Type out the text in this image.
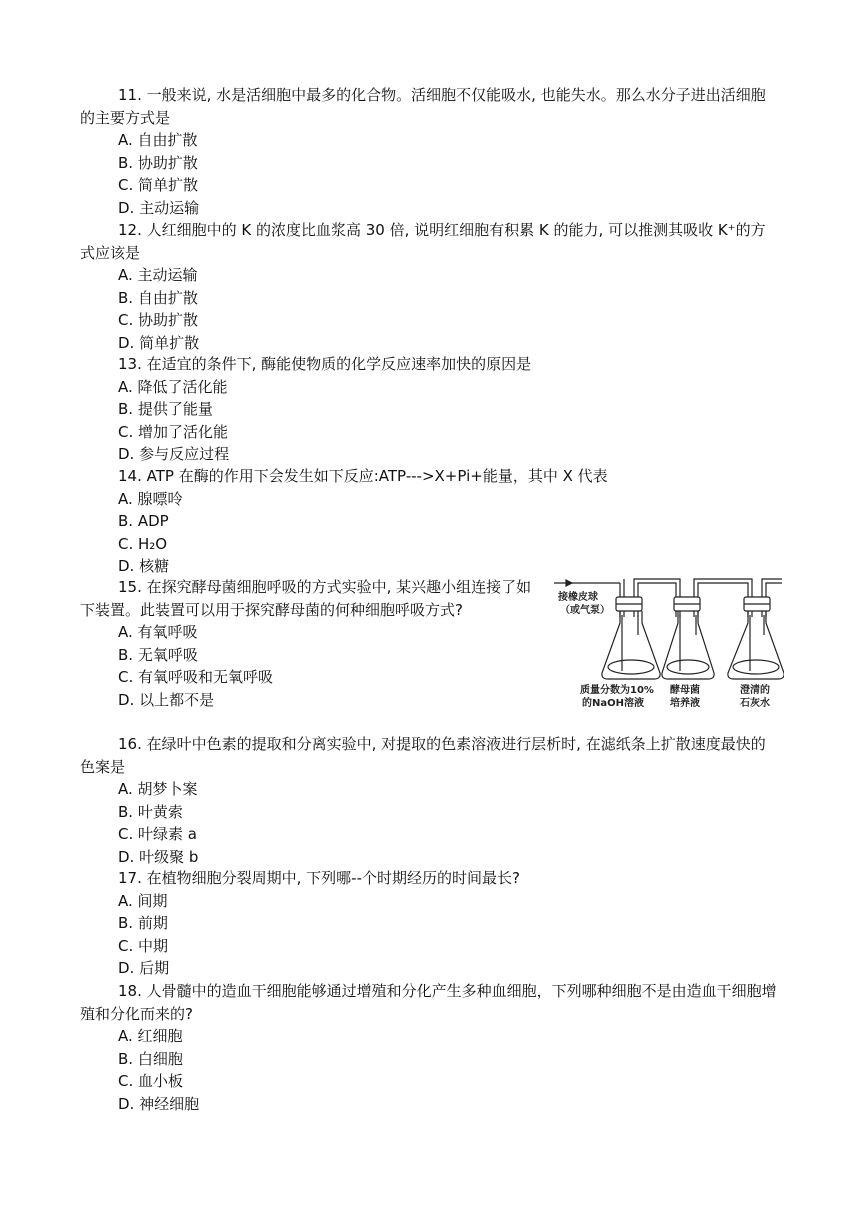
11. 一般来说, 水是活细胞中最多的化合物。活细胞不仅能吸水, 也能失水。那么水分子进出活细胞的主要方式是

A. 自由扩散

B. 协助扩散

C. 简单扩散

D. 主动运输

12. 人红细胞中的 K 的浓度比血浆高 30 倍, 说明红细胞有积累 K 的能力, 可以推测其吸收 K⁺的方式应该是

A. 主动运输

B. 自由扩散

C. 协助扩散

D. 简单扩散

13. 在适宜的条件下, 酶能使物质的化学反应速率加快的原因是

A. 降低了活化能

B. 提供了能量

C. 增加了活化能

D. 参与反应过程

14. ATP 在酶的作用下会发生如下反应:ATP--->X+Pi+能量，其中 X 代表

A. 腺嘌呤

B. ADP

C. H₂O

D. 核糖

15. 在探究酵母菌细胞呼吸的方式实验中, 某兴趣小组连接了如下装置。此装置可以用于探究酵母菌的何种细胞呼吸方式?

A. 有氧呼吸

B. 无氧呼吸

C. 有氧呼吸和无氧呼吸

D. 以上都不是

接橡皮球
（或气泵）
质量分数为10%
的NaOH溶液
酵母菌
培养液
澄清的
石灰水

16. 在绿叶中色素的提取和分离实验中, 对提取的色素溶液进行层析时, 在滤纸条上扩散速度最快的色案是

A. 胡梦卜案

B. 叶黄索

C. 叶绿素 a

D. 叶级聚 b

17. 在植物细胞分裂周期中, 下列哪--个时期经历的时间最长?

A. 间期

B. 前期

C. 中期

D. 后期

18. 人骨髓中的造血干细胞能够通过增殖和分化产生多种血细胞，下列哪种细胞不是由造血干细胞增殖和分化而来的?

A. 红细胞

B. 白细胞

C. 血小板

D. 神经细胞
